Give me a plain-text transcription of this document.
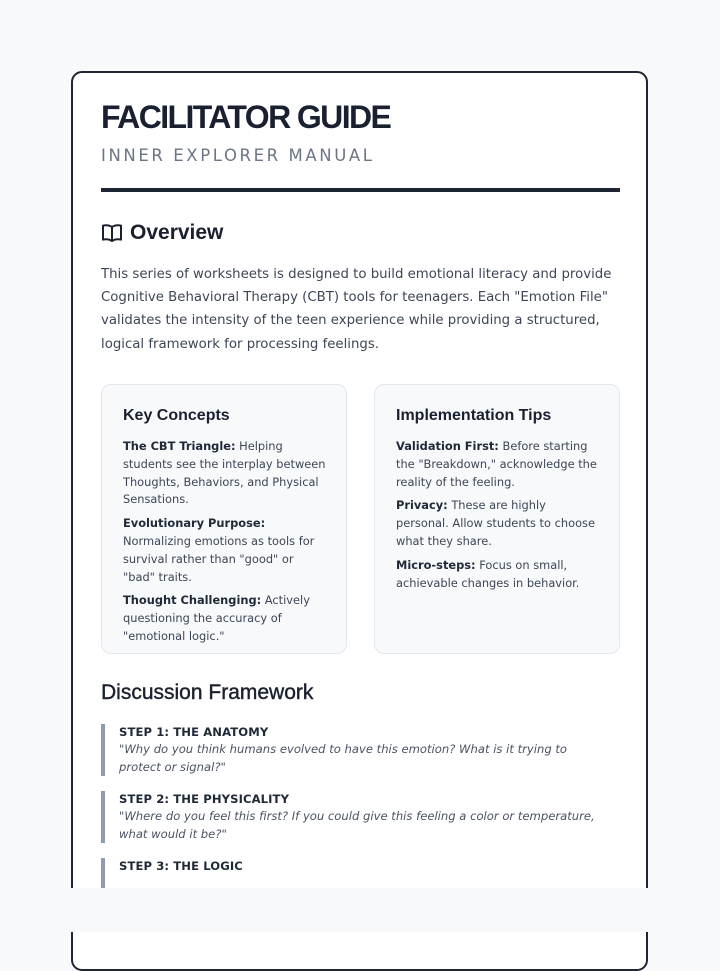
FACILITATOR GUIDE
INNER EXPLORER MANUAL
Overview

This series of worksheets is designed to build emotional literacy and provide Cognitive Behavioral Therapy (CBT) tools for teenagers. Each "Emotion File" validates the intensity of the teen experience while providing a structured, logical framework for processing feelings.

Key Concepts

The CBT Triangle: Helping students see the interplay between Thoughts, Behaviors, and Physical Sensations.

Evolutionary Purpose: Normalizing emotions as tools for survival rather than "good" or "bad" traits.

Thought Challenging: Actively questioning the accuracy of "emotional logic."

Implementation Tips

Validation First: Before starting the "Breakdown," acknowledge the reality of the feeling.

Privacy: These are highly personal. Allow students to choose what they share.

Micro-steps: Focus on small, achievable changes in behavior.

Discussion Framework
STEP 1: THE ANATOMY
"Why do you think humans evolved to have this emotion? What is it trying to protect or signal?"
STEP 2: THE PHYSICALITY
"Where do you feel this first? If you could give this feeling a color or temperature, what would it be?"
STEP 3: THE LOGIC
